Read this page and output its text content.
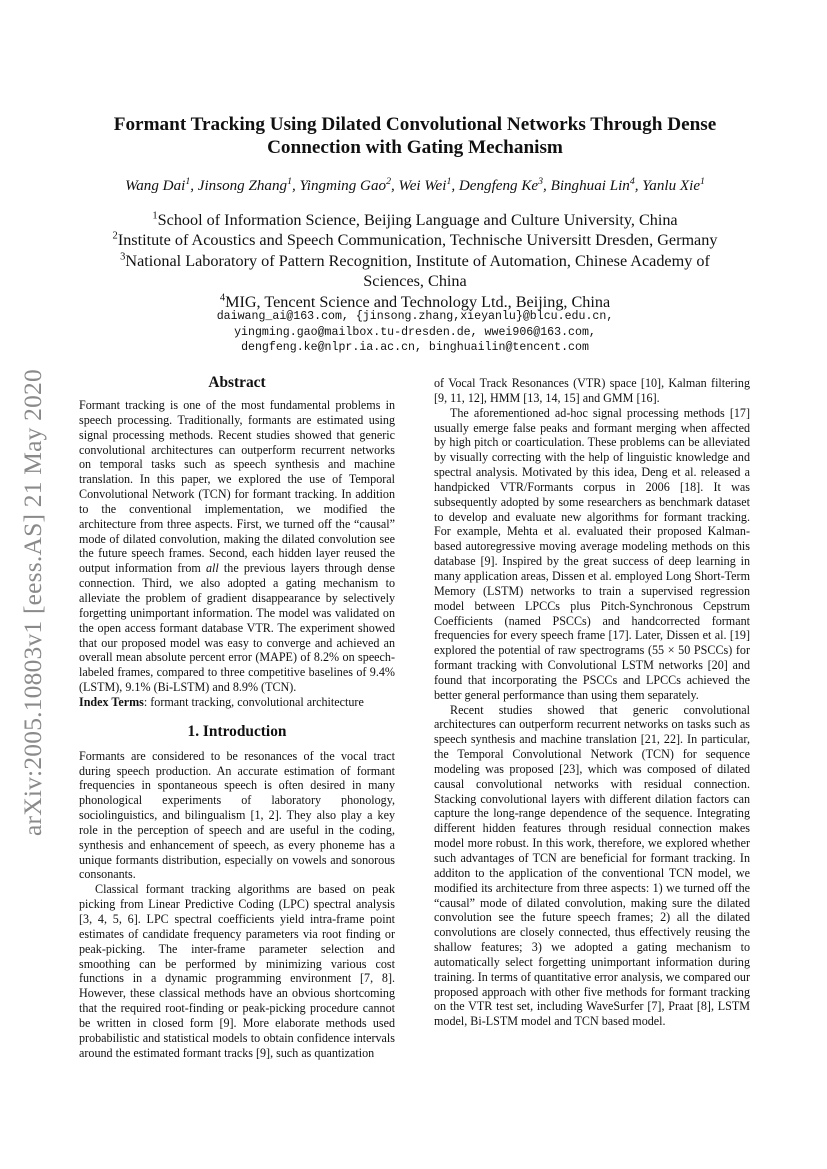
arXiv:2005.10803v1 [eess.AS] 21 May 2020
Formant Tracking Using Dilated Convolutional Networks Through Dense
Connection with Gating Mechanism
Wang Dai$^1$, Jinsong Zhang$^1$, Yingming Gao$^2$, Wei Wei$^1$, Dengfeng Ke$^3$, Binghuai Lin$^4$, Yanlu Xie$^1$
$^1$School of Information Science, Beijing Language and Culture University, China
$^2$Institute of Acoustics and Speech Communication, Technische Universitt Dresden, Germany
$^3$National Laboratory of Pattern Recognition, Institute of Automation, Chinese Academy of Sciences, China
$^4$MIG, Tencent Science and Technology Ltd., Beijing, China
daiwang_ai@163.com, {jinsong.zhang,xieyanlu}@blcu.edu.cn,
yingming.gao@mailbox.tu-dresden.de, wwei906@163.com,
dengfeng.ke@nlpr.ia.ac.cn, binghuailin@tencent.com
Abstract

Formant tracking is one of the most fundamental problems in speech processing. Traditionally, formants are estimated using signal processing methods. Recent studies showed that generic convolutional architectures can outperform recurrent networks on temporal tasks such as speech synthesis and machine translation. In this paper, we explored the use of Temporal Convolutional Network (TCN) for formant tracking. In addition to the conventional implementation, we modified the architecture from three aspects. First, we turned off the “causal” mode of dilated convolution, making the dilated convolution see the future speech frames. Second, each hidden layer reused the output information from all the previous layers through dense connection. Third, we also adopted a gating mechanism to alleviate the problem of gradient disappearance by selectively forgetting unimportant information. The model was validated on the open access formant database VTR. The experiment showed that our proposed model was easy to converge and achieved an overall mean absolute percent error (MAPE) of 8.2% on speech-labeled frames, compared to three competitive baselines of 9.4% (LSTM), 9.1% (Bi-LSTM) and 8.9% (TCN).

Index Terms: formant tracking, convolutional architecture

1. Introduction

Formants are considered to be resonances of the vocal tract during speech production. An accurate estimation of formant frequencies in spontaneous speech is often desired in many phonological experiments of laboratory phonology, sociolinguistics, and bilingualism [1, 2]. They also play a key role in the perception of speech and are useful in the coding, synthesis and enhancement of speech, as every phoneme has a unique formants distribution, especially on vowels and sonorous consonants.

Classical formant tracking algorithms are based on peak picking from Linear Predictive Coding (LPC) spectral analysis [3, 4, 5, 6]. LPC spectral coefficients yield intra-frame point estimates of candidate frequency parameters via root finding or peak-picking. The inter-frame parameter selection and smoothing can be performed by minimizing various cost functions in a dynamic programming environment [7, 8]. However, these classical methods have an obvious shortcoming that the required root-finding or peak-picking procedure cannot be written in closed form [9]. More elaborate methods used probabilistic and statistical models to obtain confidence intervals around the estimated formant tracks [9], such as quantization

of Vocal Track Resonances (VTR) space [10], Kalman filtering [9, 11, 12], HMM [13, 14, 15] and GMM [16].

The aforementioned ad-hoc signal processing methods [17] usually emerge false peaks and formant merging when affected by high pitch or coarticulation. These problems can be alleviated by visually correcting with the help of linguistic knowledge and spectral analysis. Motivated by this idea, Deng et al. released a handpicked VTR/Formants corpus in 2006 [18]. It was subsequently adopted by some researchers as benchmark dataset to develop and evaluate new algorithms for formant tracking. For example, Mehta et al. evaluated their proposed Kalman-based autoregressive moving average modeling methods on this database [9]. Inspired by the great success of deep learning in many application areas, Dissen et al. employed Long Short-Term Memory (LSTM) networks to train a supervised regression model between LPCCs plus Pitch-Synchronous Cepstrum Coefficients (named PSCCs) and handcorrected formant frequencies for every speech frame [17]. Later, Dissen et al. [19] explored the potential of raw spectrograms (55 × 50 PSCCs) for formant tracking with Convolutional LSTM networks [20] and found that incorporating the PSCCs and LPCCs achieved the better general performance than using them separately.

Recent studies showed that generic convolutional architectures can outperform recurrent networks on tasks such as speech synthesis and machine translation [21, 22]. In particular, the Temporal Convolutional Network (TCN) for sequence modeling was proposed [23], which was composed of dilated causal convolutional networks with residual connection. Stacking convolutional layers with different dilation factors can capture the long-range dependence of the sequence. Integrating different hidden features through residual connection makes model more robust. In this work, therefore, we explored whether such advantages of TCN are beneficial for formant tracking. In additon to the application of the conventional TCN model, we modified its architecture from three aspects: 1) we turned off the “causal” mode of dilated convolution, making sure the dilated convolution see the future speech frames; 2) all the dilated convolutions are closely connected, thus effectively reusing the shallow features; 3) we adopted a gating mechanism to automatically select forgetting unimportant information during training. In terms of quantitative error analysis, we compared our proposed approach with other five methods for formant tracking on the VTR test set, including WaveSurfer [7], Praat [8], LSTM model, Bi-LSTM model and TCN based model.
